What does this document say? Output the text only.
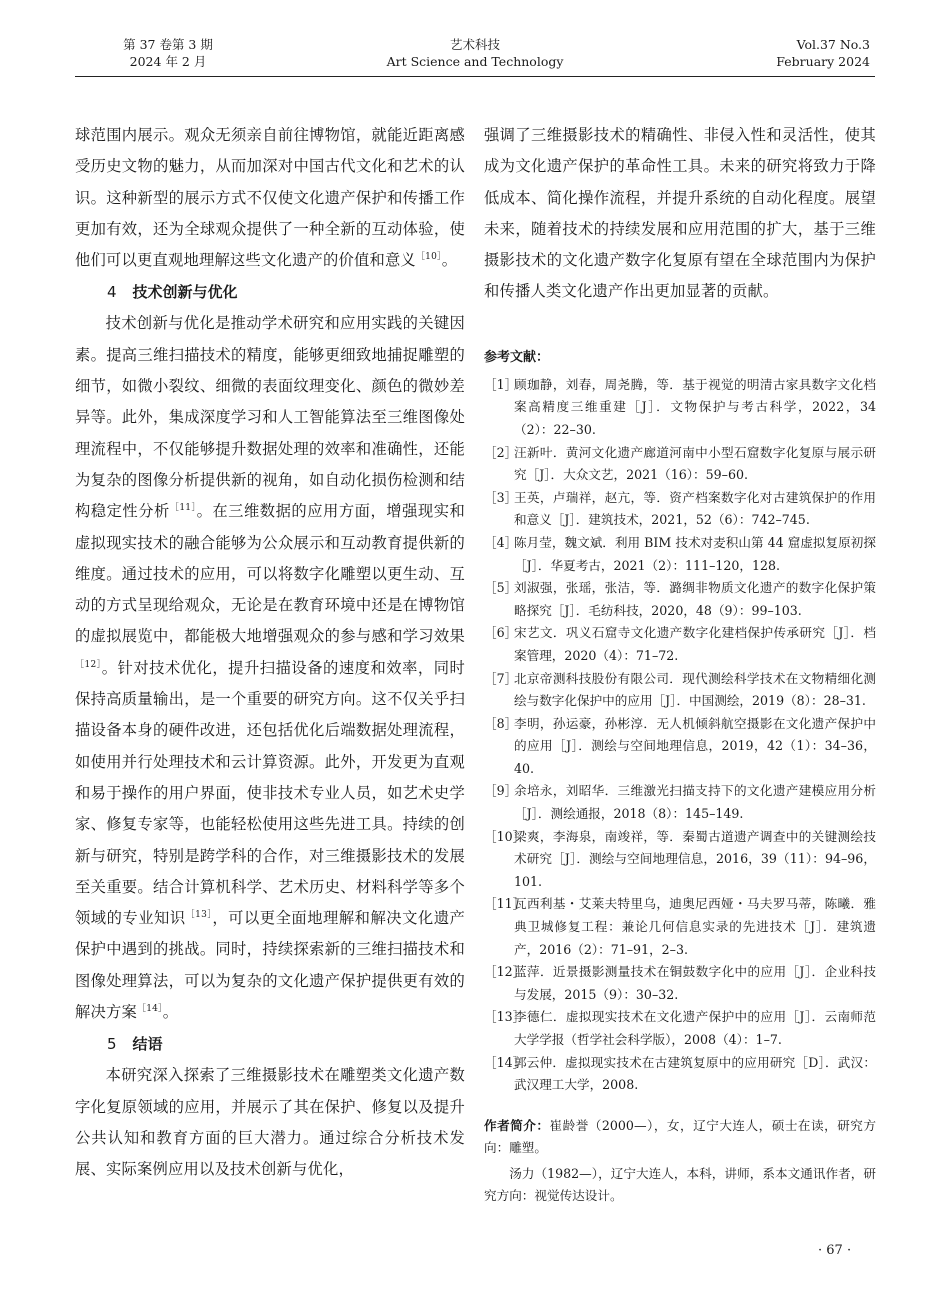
第 37 卷第 3 期
2024 年 2 月
艺术科技
Art Science and Technology
Vol.37 No.3
February 2024

球范围内展示。观众无须亲自前往博物馆，就能近距离感受历史文物的魅力，从而加深对中国古代文化和艺术的认识。这种新型的展示方式不仅使文化遗产保护和传播工作更加有效，还为全球观众提供了一种全新的互动体验，使他们可以更直观地理解这些文化遗产的价值和意义$^{[10]}$。

4 技术创新与优化

技术创新与优化是推动学术研究和应用实践的关键因素。提高三维扫描技术的精度，能够更细致地捕捉雕塑的细节，如微小裂纹、细微的表面纹理变化、颜色的微妙差异等。此外，集成深度学习和人工智能算法至三维图像处理流程中，不仅能够提升数据处理的效率和准确性，还能为复杂的图像分析提供新的视角，如自动化损伤检测和结构稳定性分析$^{[11]}$。在三维数据的应用方面，增强现实和虚拟现实技术的融合能够为公众展示和互动教育提供新的维度。通过技术的应用，可以将数字化雕塑以更生动、互动的方式呈现给观众，无论是在教育环境中还是在博物馆的虚拟展览中，都能极大地增强观众的参与感和学习效果$^{[12]}$。针对技术优化，提升扫描设备的速度和效率，同时保持高质量输出，是一个重要的研究方向。这不仅关乎扫描设备本身的硬件改进，还包括优化后端数据处理流程，如使用并行处理技术和云计算资源。此外，开发更为直观和易于操作的用户界面，使非技术专业人员，如艺术史学家、修复专家等，也能轻松使用这些先进工具。持续的创新与研究，特别是跨学科的合作，对三维摄影技术的发展至关重要。结合计算机科学、艺术历史、材料科学等多个领域的专业知识$^{[13]}$，可以更全面地理解和解决文化遗产保护中遇到的挑战。同时，持续探索新的三维扫描技术和图像处理算法，可以为复杂的文化遗产保护提供更有效的解决方案$^{[14]}$。

5 结语

本研究深入探索了三维摄影技术在雕塑类文化遗产数字化复原领域的应用，并展示了其在保护、修复以及提升公共认知和教育方面的巨大潜力。通过综合分析技术发展、实际案例应用以及技术创新与优化，

强调了三维摄影技术的精确性、非侵入性和灵活性，使其成为文化遗产保护的革命性工具。未来的研究将致力于降低成本、简化操作流程，并提升系统的自动化程度。展望未来，随着技术的持续发展和应用范围的扩大，基于三维摄影技术的文化遗产数字化复原有望在全球范围内为保护和传播人类文化遗产作出更加显著的贡献。

参考文献：
［1］
顾珈静，刘春，周尧腾，等．基于视觉的明清古家具数字文化档案高精度三维重建［J］．文物保护与考古科学，2022，34（2）：22–30.
［2］
汪新叶．黄河文化遗产廊道河南中小型石窟数字化复原与展示研究［J］．大众文艺，2021（16）：59–60.
［3］
王英，卢瑞祥，赵亢，等．资产档案数字化对古建筑保护的作用和意义［J］．建筑技术，2021，52（6）：742–745.
［4］
陈月莹，魏文斌．利用 BIM 技术对麦积山第 44 窟虚拟复原初探［J］．华夏考古，2021（2）：111–120，128.
［5］
刘淑强，张瑶，张洁，等．潞绸非物质文化遗产的数字化保护策略探究［J］．毛纺科技，2020，48（9）：99–103.
［6］
宋艺文．巩义石窟寺文化遗产数字化建档保护传承研究［J］．档案管理，2020（4）：71–72.
［7］
北京帝测科技股份有限公司．现代测绘科学技术在文物精细化测绘与数字化保护中的应用［J］．中国测绘，2019（8）：28–31.
［8］
李明，孙运豪，孙彬淳．无人机倾斜航空摄影在文化遗产保护中的应用［J］．测绘与空间地理信息，2019，42（1）：34–36，40.
［9］
余培永，刘昭华．三维激光扫描支持下的文化遗产建模应用分析［J］．测绘通报，2018（8）：145–149.
［10］
梁爽，李海泉，南竣祥，等．秦蜀古道遗产调查中的关键测绘技术研究［J］．测绘与空间地理信息，2016，39（11）：94–96，101.
［11］
瓦西利基・艾莱夫特里乌，迪奥尼西娅・马夫罗马蒂，陈曦．雅典卫城修复工程：兼论几何信息实录的先进技术［J］．建筑遗产，2016（2）：71–91，2–3.
［12］
蓝萍．近景摄影测量技术在铜鼓数字化中的应用［J］．企业科技与发展，2015（9）：30–32.
［13］
李德仁．虚拟现实技术在文化遗产保护中的应用［J］．云南师范大学学报（哲学社会科学版），2008（4）：1–7.
［14］
郭云仲．虚拟现实技术在古建筑复原中的应用研究［D］．武汉：武汉理工大学，2008.
作者简介：崔龄誉（2000—），女，辽宁大连人，硕士在读，研究方向：雕塑。
汤力（1982—），辽宁大连人，本科，讲师，系本文通讯作者，研究方向：视觉传达设计。
· 67 ·
